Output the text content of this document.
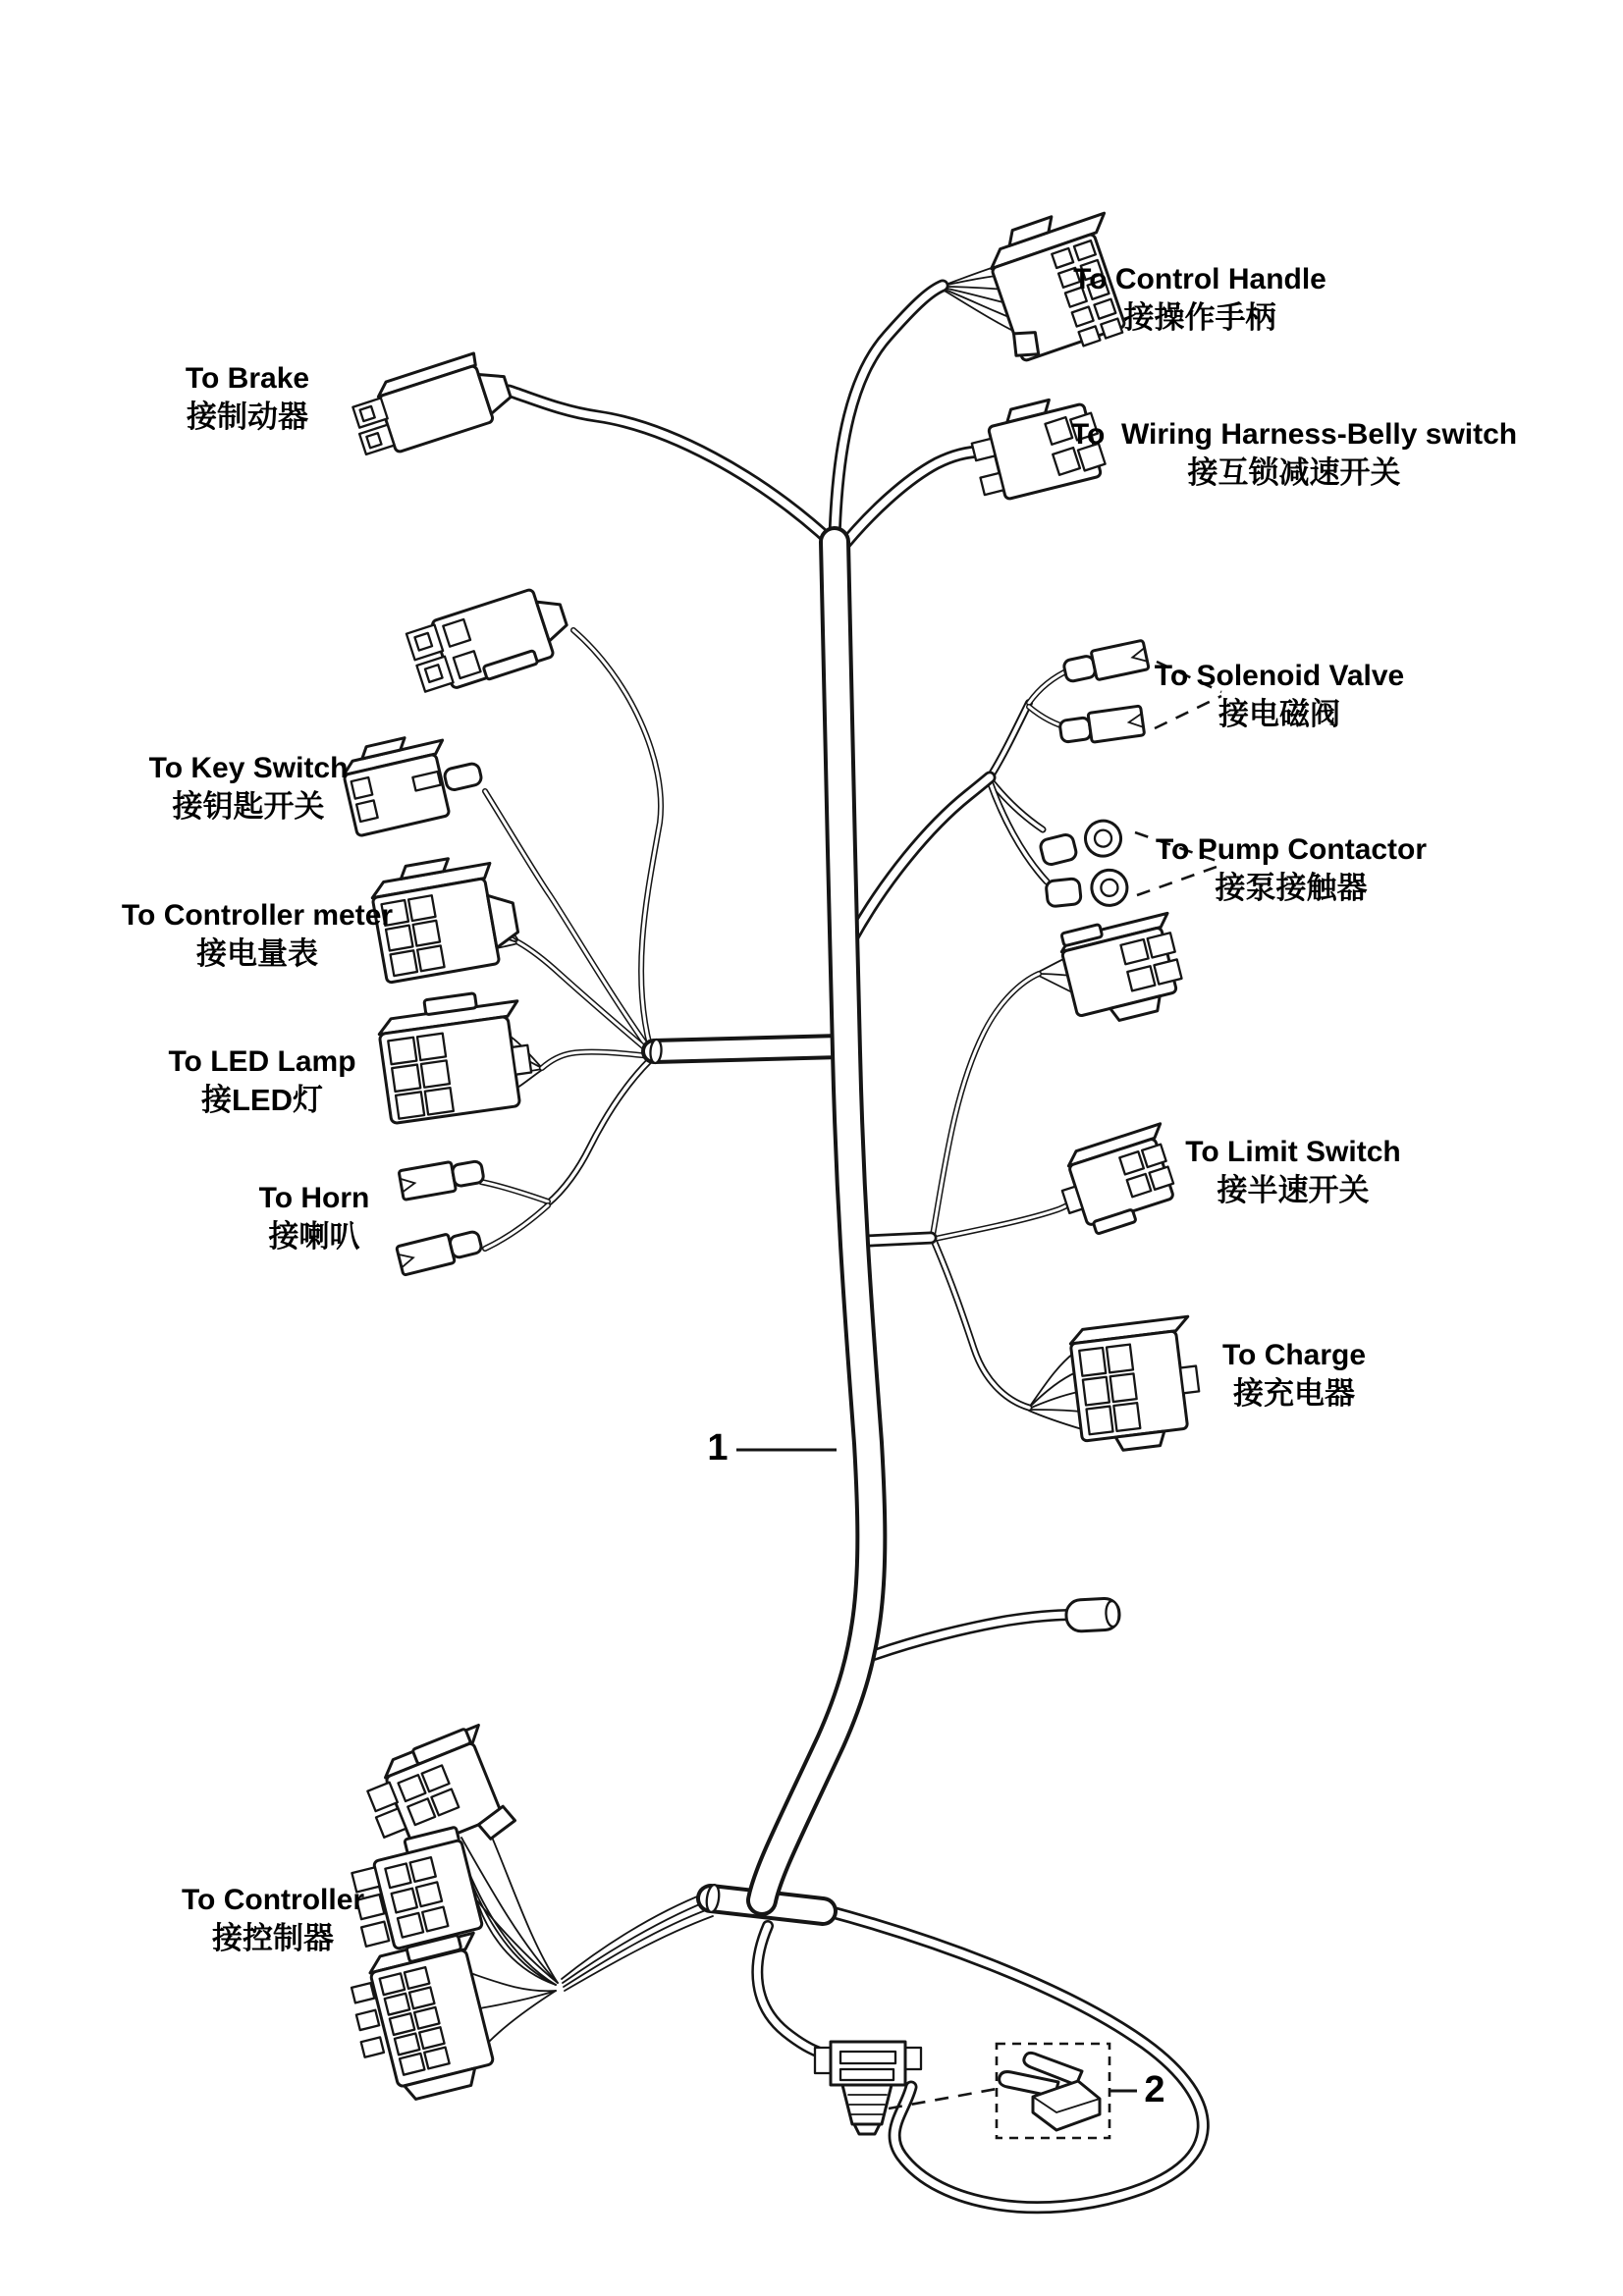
To Brake
接制动器
To Control Handle
接操作手柄
To  Wiring Harness-Belly switch
接互锁减速开关
To Solenoid Valve
接电磁阀
To Pump Contactor
接泵接触器
To Key Switch
接钥匙开关
To Controller meter
接电量表
To LED Lamp
接LED灯
To Horn
接喇叭
To Limit Switch
接半速开关
To Charge
接充电器
To Controller
接控制器
1
2
